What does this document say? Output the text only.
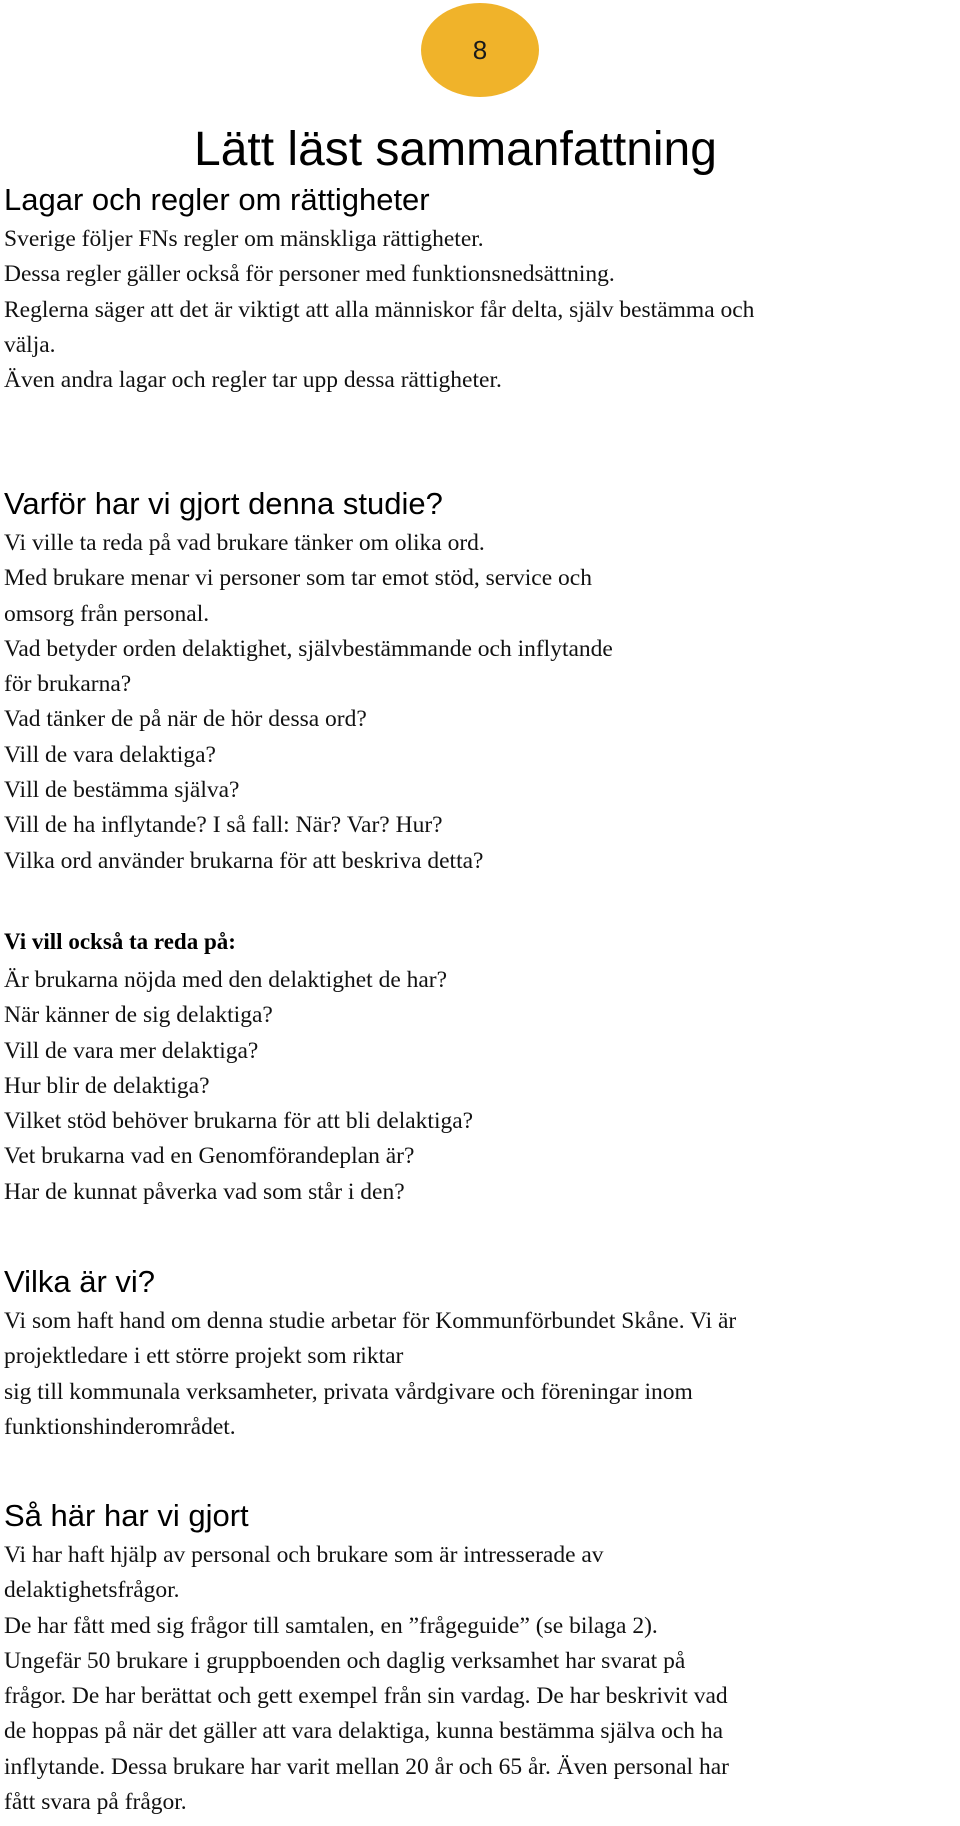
8
Lätt läst sammanfattning
Lagar och regler om rättigheter
Sverige följer FNs regler om mänskliga rättigheter.
Dessa regler gäller också för personer med funktionsnedsättning.
Reglerna säger att det är viktigt att alla människor får delta, själv bestämma och
välja.
Även andra lagar och regler tar upp dessa rättigheter.
Varför har vi gjort denna studie?
Vi ville ta reda på vad brukare tänker om olika ord.
Med brukare menar vi personer som tar emot stöd, service och
omsorg från personal.
Vad betyder orden delaktighet, självbestämmande och inflytande
för brukarna?
Vad tänker de på när de hör dessa ord?
Vill de vara delaktiga?
Vill de bestämma själva?
Vill de ha inflytande? I så fall: När? Var? Hur?
Vilka ord använder brukarna för att beskriva detta?
Vi vill också ta reda på:
Är brukarna nöjda med den delaktighet de har?
När känner de sig delaktiga?
Vill de vara mer delaktiga?
Hur blir de delaktiga?
Vilket stöd behöver brukarna för att bli delaktiga?
Vet brukarna vad en Genomförandeplan är?
Har de kunnat påverka vad som står i den?
Vilka är vi?
Vi som haft hand om denna studie arbetar för Kommunförbundet Skåne. Vi är
projektledare i ett större projekt som riktar
sig till kommunala verksamheter, privata vårdgivare och föreningar inom
funktionshinderområdet.
Så här har vi gjort
Vi har haft hjälp av personal och brukare som är intresserade av
delaktighetsfrågor.
De har fått med sig frågor till samtalen, en ”frågeguide” (se bilaga 2).
Ungefär 50 brukare i gruppboenden och daglig verksamhet har svarat på
frågor. De har berättat och gett exempel från sin vardag. De har beskrivit vad
de hoppas på när det gäller att vara delaktiga, kunna bestämma själva och ha
inflytande. Dessa brukare har varit mellan 20 år och 65 år. Även personal har
fått svara på frågor.
